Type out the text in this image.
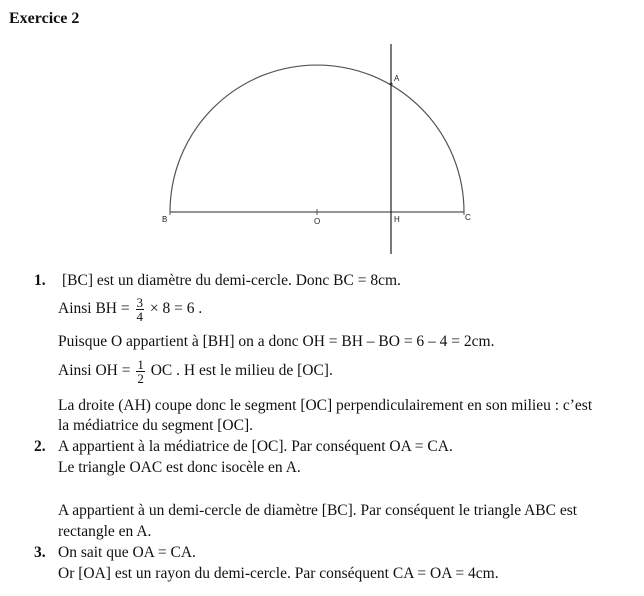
Exercice 2
A
B	O	H	C
1. [BC] est un diamètre du demi-cercle. Donc BC = 8cm.
Ainsi BH = $\frac{3}{4} \times 8 = 6$ .
Puisque O appartient à [BH] on a donc OH = BH – BO = 6 – 4 = 2cm.
Ainsi OH = $\frac{1}{2}$ OC . H est le milieu de [OC].
La droite (AH) coupe donc le segment [OC] perpendiculairement en son milieu : c’est
la médiatrice du segment [OC].
2. A appartient à la médiatrice de [OC]. Par conséquent OA = CA.
Le triangle OAC est donc isocèle en A.
A appartient à un demi-cercle de diamètre [BC]. Par conséquent le triangle ABC est
rectangle en A.
3. On sait que OA = CA.
Or [OA] est un rayon du demi-cercle. Par conséquent CA = OA = 4cm.
